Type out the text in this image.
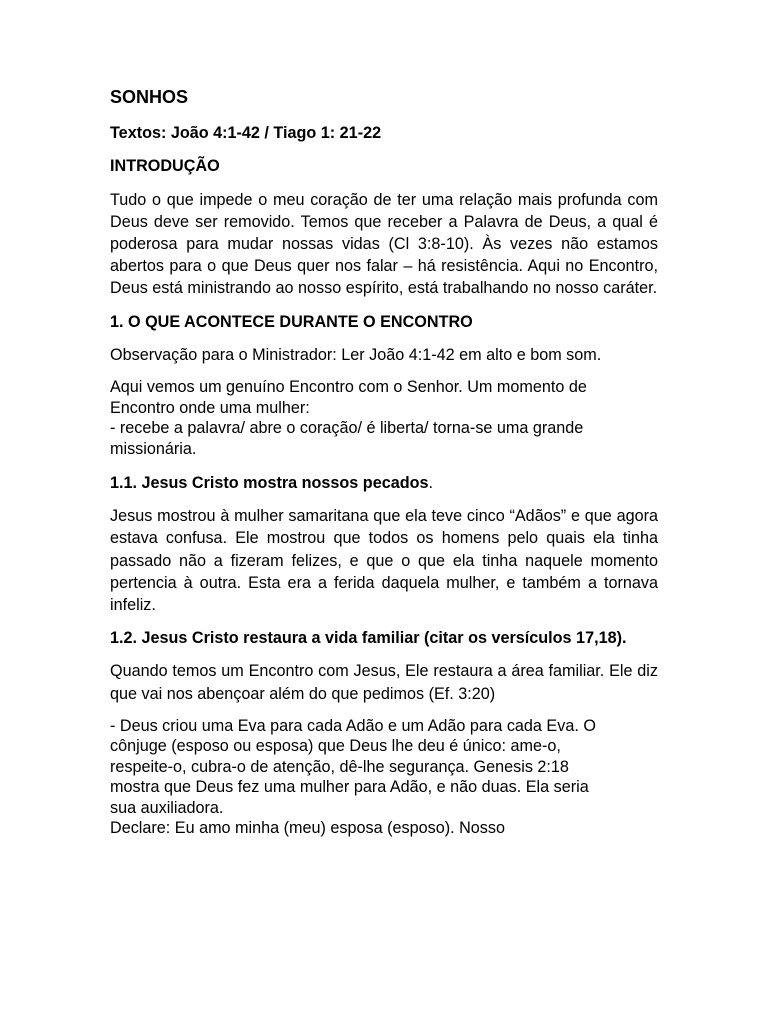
SONHOS
Textos: João 4:1-42 / Tiago 1: 21-22
INTRODUÇÃO

Tudo o que impede o meu coração de ter uma relação mais profunda com Deus deve ser removido. Temos que receber a Palavra de Deus, a qual é poderosa para mudar nossas vidas (Cl 3:8-10). Às vezes não estamos abertos para o que Deus quer nos falar – há resistência. Aqui no Encontro, Deus está ministrando ao nosso espírito, está trabalhando no nosso caráter.

1. O QUE ACONTECE DURANTE O ENCONTRO

Observação para o Ministrador: Ler João 4:1-42 em alto e bom som.

Aqui vemos um genuíno Encontro com o Senhor. Um momento de
Encontro onde uma mulher:
- recebe a palavra/ abre o coração/ é liberta/ torna-se uma grande
missionária.
1.1. Jesus Cristo mostra nossos pecados.

Jesus mostrou à mulher samaritana que ela teve cinco “Adãos” e que agora estava confusa. Ele mostrou que todos os homens pelo quais ela tinha passado não a fizeram felizes, e que o que ela tinha naquele momento pertencia à outra. Esta era a ferida daquela mulher, e também a tornava infeliz.

1.2. Jesus Cristo restaura a vida familiar (citar os versículos 17,18).

Quando temos um Encontro com Jesus, Ele restaura a área familiar. Ele diz que vai nos abençoar além do que pedimos (Ef. 3:20)

- Deus criou uma Eva para cada Adão e um Adão para cada Eva. O
cônjuge (esposo ou esposa) que Deus lhe deu é único: ame-o,
respeite-o, cubra-o de atenção, dê-lhe segurança. Genesis 2:18
mostra que Deus fez uma mulher para Adão, e não duas. Ela seria
sua auxiliadora.
Declare: Eu amo minha (meu) esposa (esposo). Nosso
